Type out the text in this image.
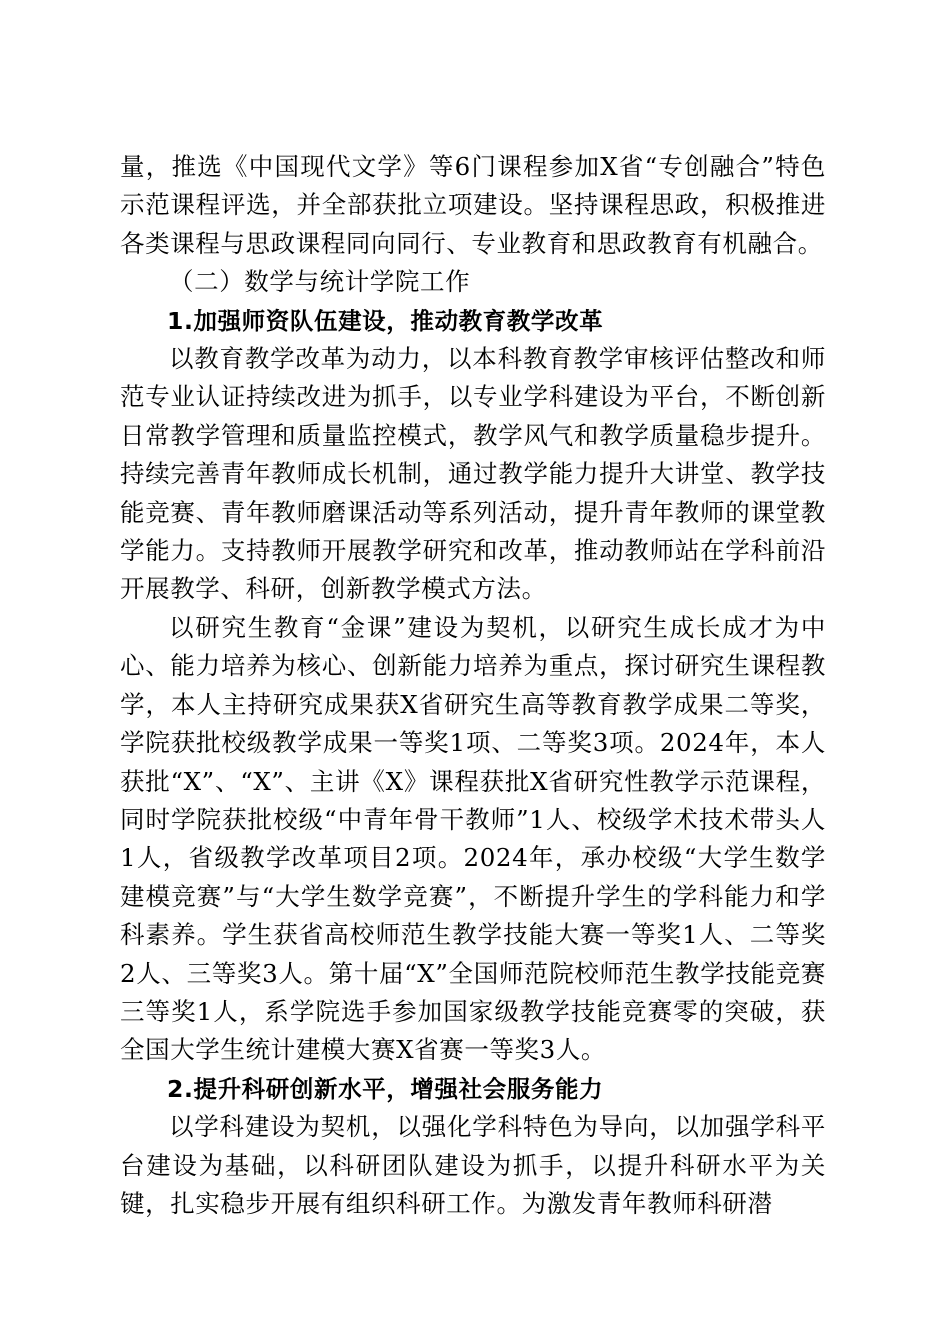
量，推选《中国现代文学》等6门课程参加X省“专创融合”特色示范课程评选，并全部获批立项建设。坚持课程思政，积极推进各类课程与思政课程同向同行、专业教育和思政教育有机融合。

（二）数学与统计学院工作

1.加强师资队伍建设，推动教育教学改革

以教育教学改革为动力，以本科教育教学审核评估整改和师范专业认证持续改进为抓手，以专业学科建设为平台，不断创新日常教学管理和质量监控模式，教学风气和教学质量稳步提升。持续完善青年教师成长机制，通过教学能力提升大讲堂、教学技能竞赛、青年教师磨课活动等系列活动，提升青年教师的课堂教学能力。支持教师开展教学研究和改革，推动教师站在学科前沿开展教学、科研，创新教学模式方法。

以研究生教育“金课”建设为契机，以研究生成长成才为中心、能力培养为核心、创新能力培养为重点，探讨研究生课程教学，本人主持研究成果获X省研究生高等教育教学成果二等奖，学院获批校级教学成果一等奖1项、二等奖3项。2024年，本人获批“X”、“X”、主讲《X》课程获批X省研究性教学示范课程，同时学院获批校级“中青年骨干教师”1人、校级学术技术带头人1人，省级教学改革项目2项。2024年，承办校级“大学生数学建模竞赛”与“大学生数学竞赛”，不断提升学生的学科能力和学科素养。学生获省高校师范生教学技能大赛一等奖1人、二等奖2人、三等奖3人。第十届“X”全国师范院校师范生教学技能竞赛三等奖1人，系学院选手参加国家级教学技能竞赛零的突破，获全国大学生统计建模大赛X省赛一等奖3人。

2.提升科研创新水平，增强社会服务能力

以学科建设为契机，以强化学科特色为导向，以加强学科平台建设为基础，以科研团队建设为抓手，以提升科研水平为关键，扎实稳步开展有组织科研工作。为激发青年教师科研潜
